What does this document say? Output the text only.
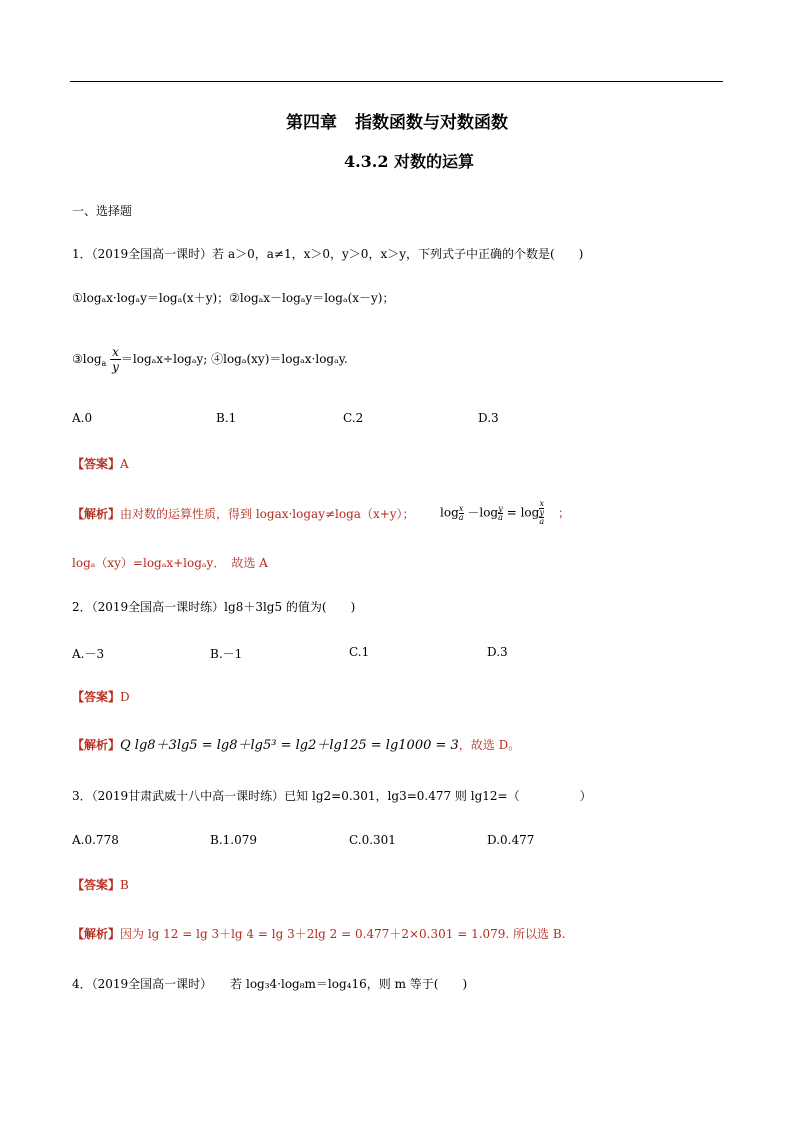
第四章 指数函数与对数函数
4.3.2 对数的运算
一、选择题
1．（2019全国高一课时）若 a＞0，a≠1，x＞0，y＞0，x＞y，下列式子中正确的个数是(　　)
①logₐx·logₐy＝logₐ(x＋y)；②logₐx－logₐy＝logₐ(x－y)；
$③\log_a \frac{x}{y} =\log_ax\div\log_ay$; ④logₐ(xy)＝logₐx·logₐy.
A.0	B.1	C.2	D.3
【答案】A
【解析】由对数的运算性质，得到 logax·logay≠loga（x+y）； $\log \frac{x}{a} -\log \frac{y}{a} = \log$
x
y
a
；
logₐ（xy）=logₐx+logₐy．　故选 A
2．（2019全国高一课时练）lg8＋3lg5 的值为(　　)
A.－3	B.－1	C.1	D.3
【答案】D
【解析】Q lg8＋3lg5 = lg8＋lg5³ = lg2＋lg125 = lg1000 = 3，故选 D。
3．（2019甘肃武威十八中高一课时练）已知 lg2=0.301，lg3=0.477 则 lg12=（　　　　　）
A.0.778	B.1.079	C.0.301	D.0.477
【答案】B
【解析】因为 lg 12 = lg 3＋lg 4 = lg 3＋2lg 2 = 0.477＋2×0.301 = 1.079. 所以选 B.
4．（2019全国高一课时）　　若 log₃4·log₈m＝log₄16，则 m 等于(　　)
